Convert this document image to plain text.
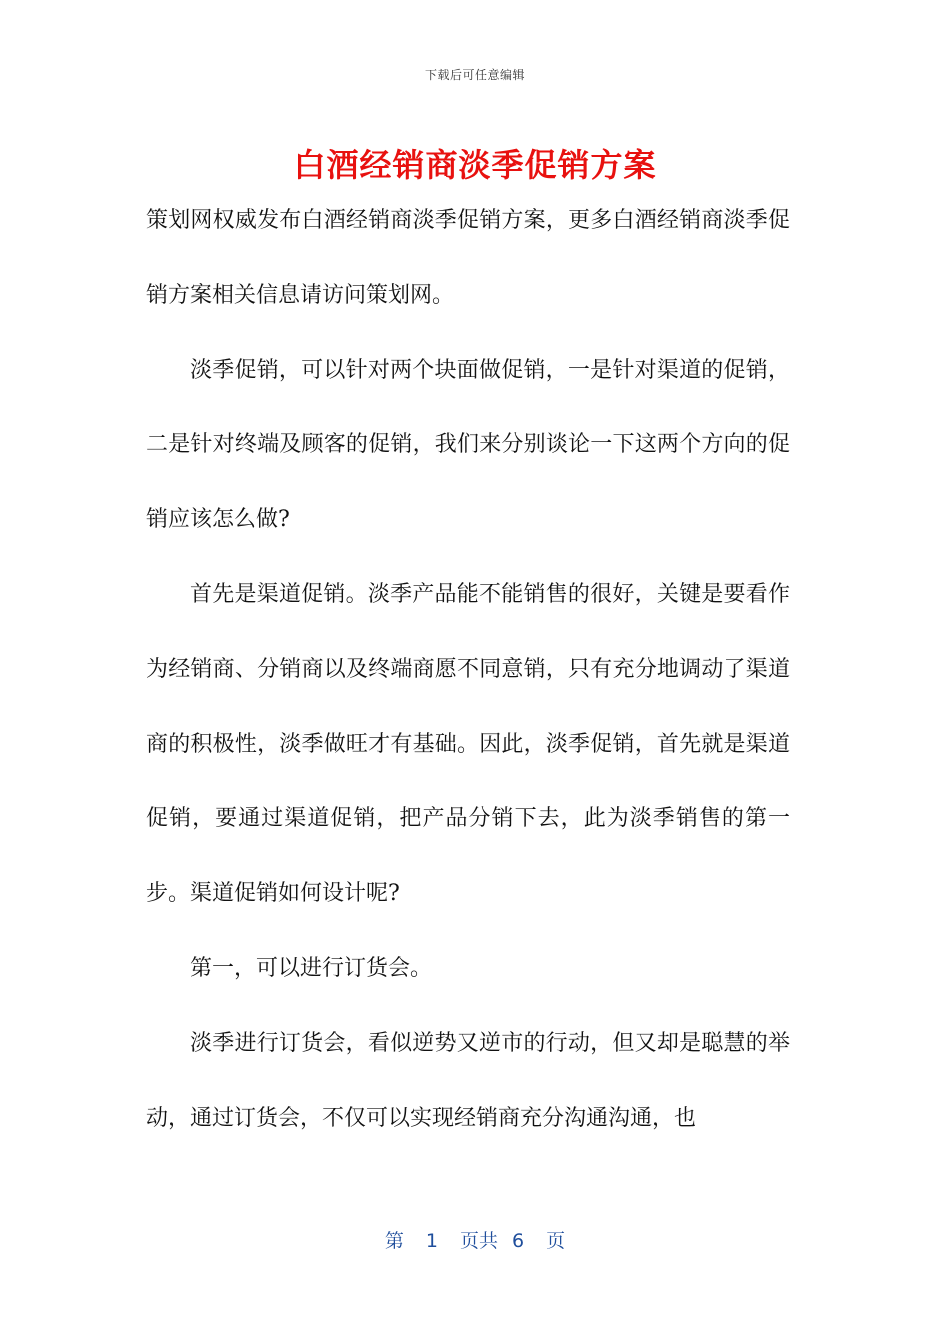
下载后可任意编辑
白酒经销商淡季促销方案

策划网权威发布白酒经销商淡季促销方案，更多白酒经销商淡季促销方案相关信息请访问策划网。

淡季促销，可以针对两个块面做促销，一是针对渠道的促销，二是针对终端及顾客的促销，我们来分别谈论一下这两个方向的促销应该怎么做?

首先是渠道促销。淡季产品能不能销售的很好，关键是要看作为经销商、分销商以及终端商愿不同意销，只有充分地调动了渠道商的积极性，淡季做旺才有基础。因此，淡季促销，首先就是渠道促销，要通过渠道促销，把产品分销下去，此为淡季销售的第一步。渠道促销如何设计呢?

第一，可以进行订货会。

淡季进行订货会，看似逆势又逆市的行动，但又却是聪慧的举动，通过订货会，不仅可以实现经销商充分沟通沟通，也

第 1 页共 6 页
